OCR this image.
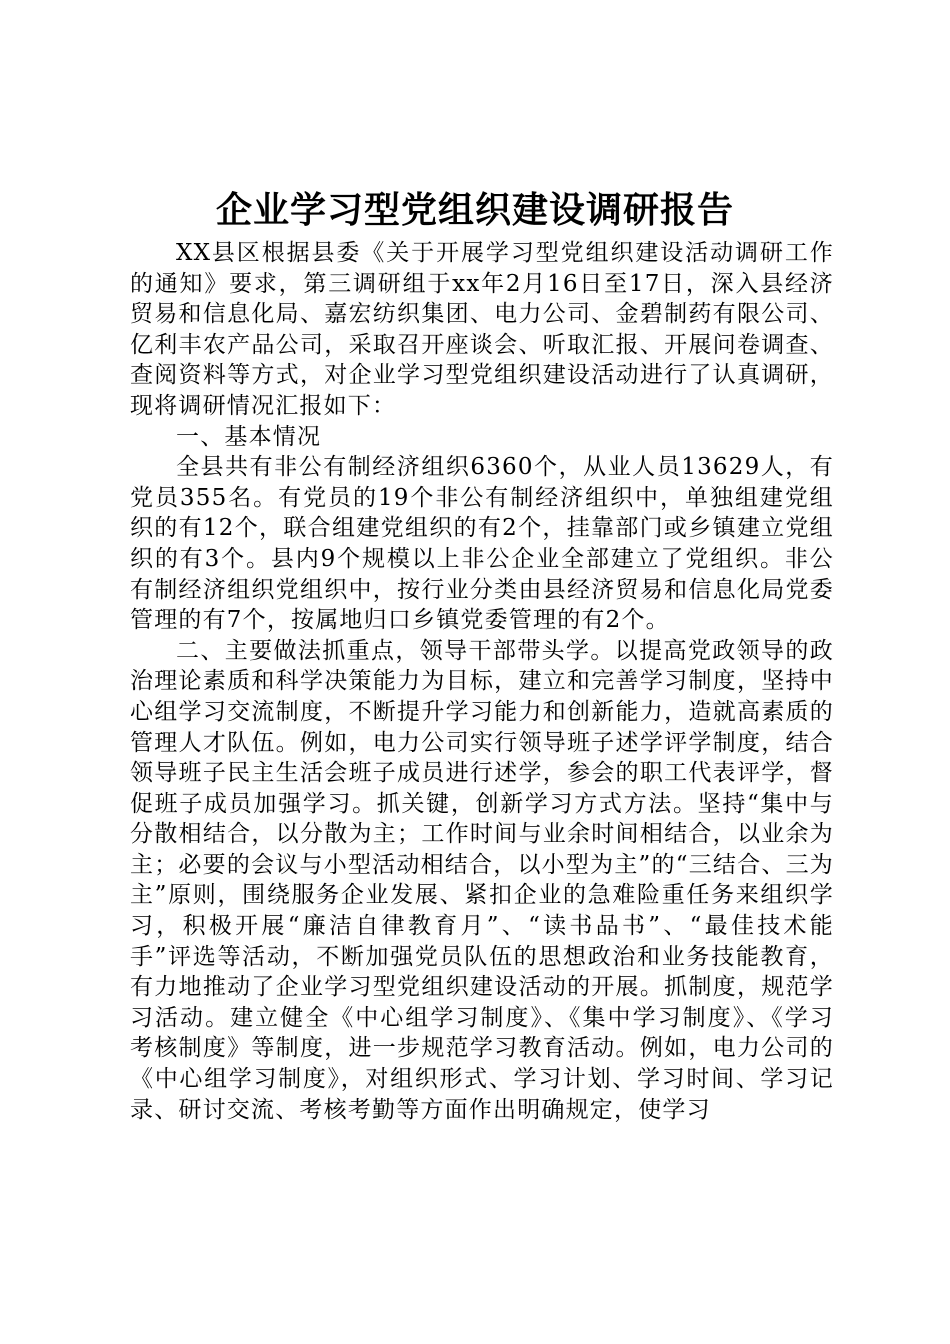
企业学习型党组织建设调研报告

XX县区根据县委《关于开展学习型党组织建设活动调研工作的通知》要求，第三调研组于xx年2月16日至17日，深入县经济贸易和信息化局、嘉宏纺织集团、电力公司、金碧制药有限公司、亿利丰农产品公司，采取召开座谈会、听取汇报、开展问卷调查、查阅资料等方式，对企业学习型党组织建设活动进行了认真调研，现将调研情况汇报如下：

一、基本情况

全县共有非公有制经济组织6360个，从业人员13629人，有党员355名。有党员的19个非公有制经济组织中，单独组建党组织的有12个，联合组建党组织的有2个，挂靠部门或乡镇建立党组织的有3个。县内9个规模以上非公企业全部建立了党组织。非公有制经济组织党组织中，按行业分类由县经济贸易和信息化局党委管理的有7个，按属地归口乡镇党委管理的有2个。

二、主要做法抓重点，领导干部带头学。以提高党政领导的政治理论素质和科学决策能力为目标，建立和完善学习制度，坚持中心组学习交流制度，不断提升学习能力和创新能力，造就高素质的管理人才队伍。例如，电力公司实行领导班子述学评学制度，结合领导班子民主生活会班子成员进行述学，参会的职工代表评学，督促班子成员加强学习。抓关键，创新学习方式方法。坚持“集中与分散相结合，以分散为主；工作时间与业余时间相结合，以业余为主；必要的会议与小型活动相结合，以小型为主”的“三结合、三为主”原则，围绕服务企业发展、紧扣企业的急难险重任务来组织学习，积极开展“廉洁自律教育月”、“读书品书”、“最佳技术能手”评选等活动，不断加强党员队伍的思想政治和业务技能教育，有力地推动了企业学习型党组织建设活动的开展。抓制度，规范学习活动。建立健全《中心组学习制度》、《集中学习制度》、《学习考核制度》等制度，进一步规范学习教育活动。例如，电力公司的《中心组学习制度》，对组织形式、学习计划、学习时间、学习记录、研讨交流、考核考勤等方面作出明确规定，使学习
